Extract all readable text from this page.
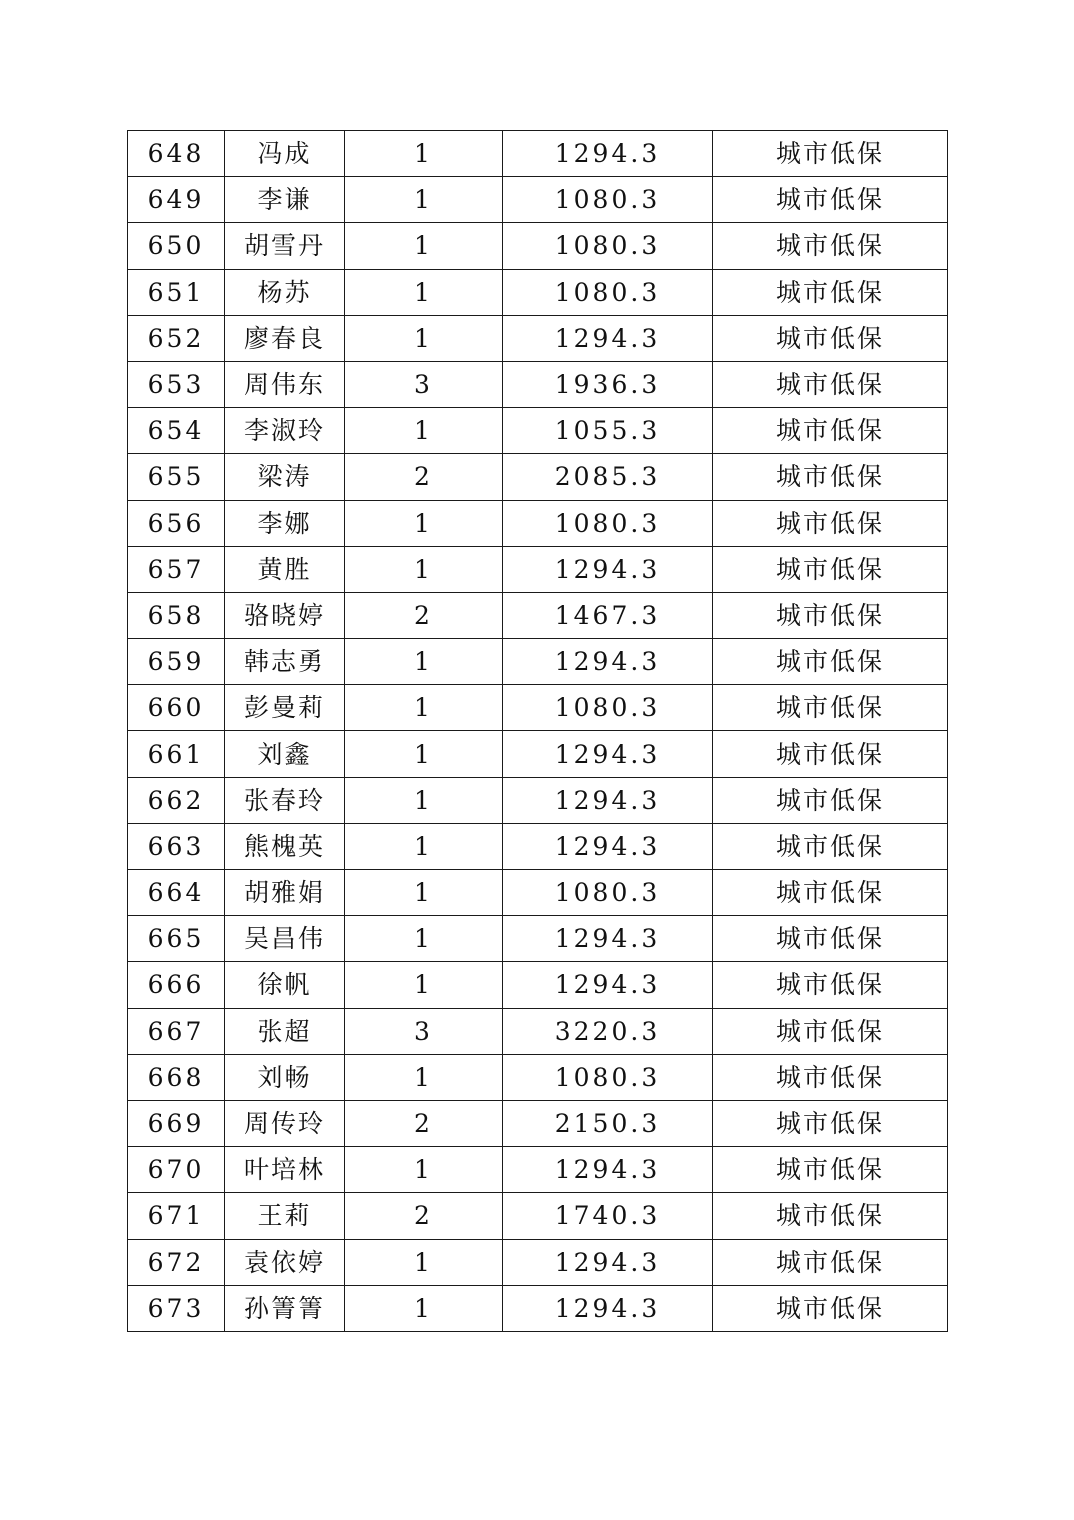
648	冯成	1	1294.3	城市低保
649	李谦	1	1080.3	城市低保
650	胡雪丹	1	1080.3	城市低保
651	杨苏	1	1080.3	城市低保
652	廖春良	1	1294.3	城市低保
653	周伟东	3	1936.3	城市低保
654	李淑玲	1	1055.3	城市低保
655	梁涛	2	2085.3	城市低保
656	李娜	1	1080.3	城市低保
657	黄胜	1	1294.3	城市低保
658	骆晓婷	2	1467.3	城市低保
659	韩志勇	1	1294.3	城市低保
660	彭曼莉	1	1080.3	城市低保
661	刘鑫	1	1294.3	城市低保
662	张春玲	1	1294.3	城市低保
663	熊槐英	1	1294.3	城市低保
664	胡雅娟	1	1080.3	城市低保
665	吴昌伟	1	1294.3	城市低保
666	徐帆	1	1294.3	城市低保
667	张超	3	3220.3	城市低保
668	刘畅	1	1080.3	城市低保
669	周传玲	2	2150.3	城市低保
670	叶培林	1	1294.3	城市低保
671	王莉	2	1740.3	城市低保
672	袁依婷	1	1294.3	城市低保
673	孙箐箐	1	1294.3	城市低保
